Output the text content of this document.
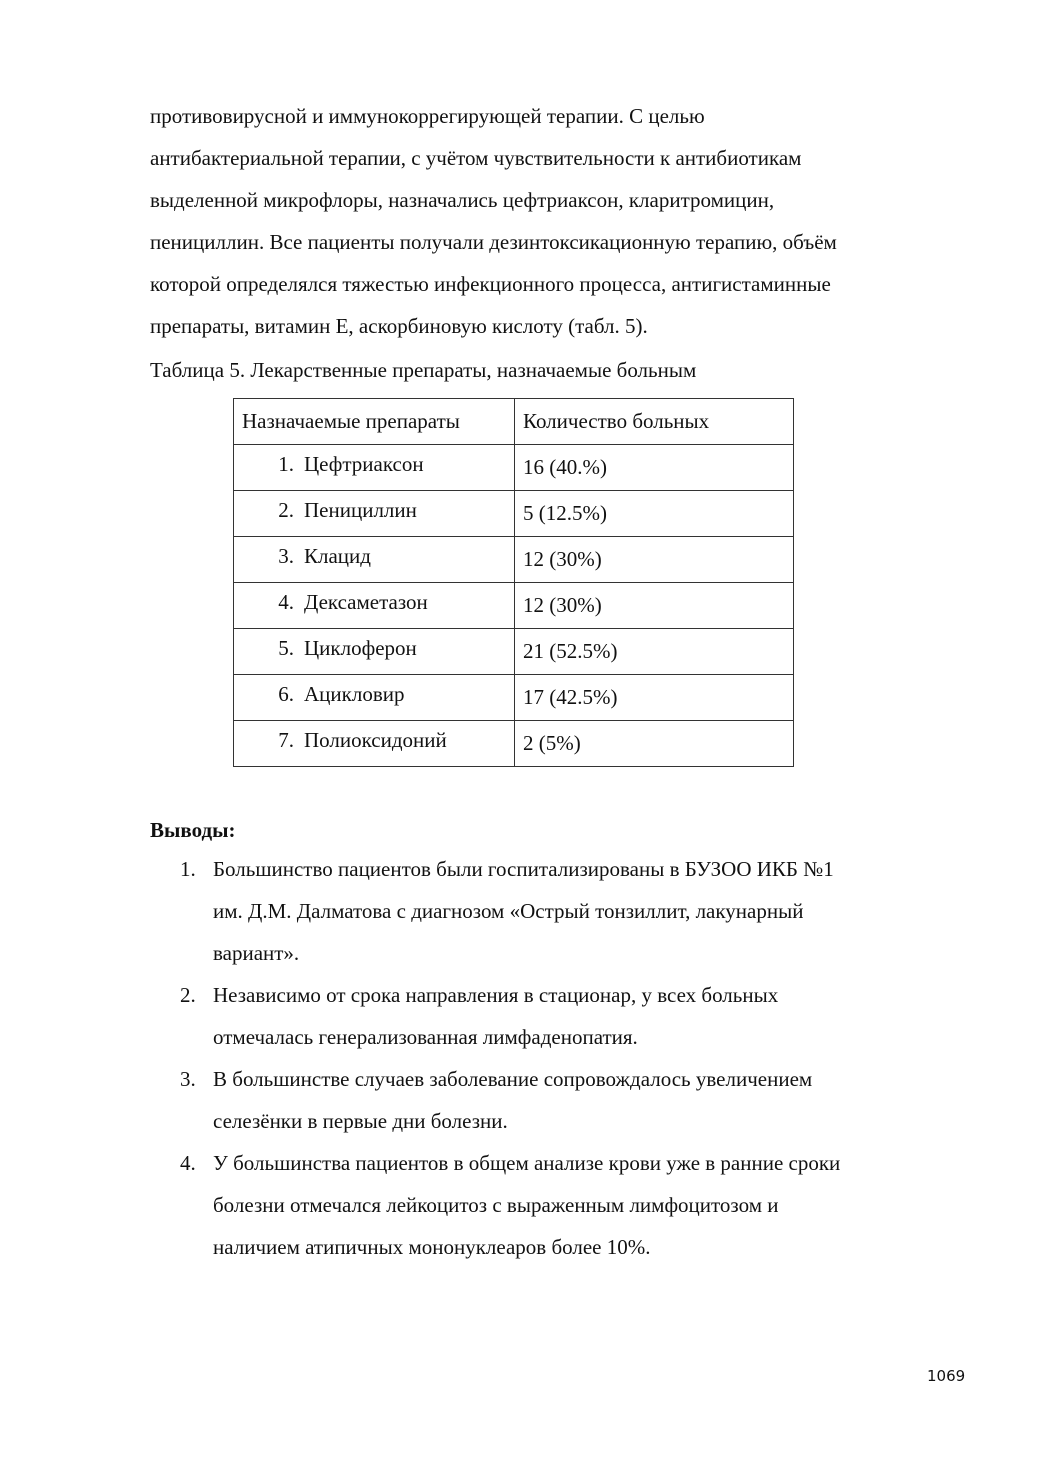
противовирусной и иммунокоррегирующей терапии. С целью
антибактериальной терапии, с учётом чувствительности к антибиотикам
выделенной микрофлоры, назначались цефтриаксон, кларитромицин,
пенициллин. Все пациенты получали дезинтоксикационную терапию, объём
которой определялся тяжестью инфекционного процесса, антигистаминные
препараты, витамин Е, аскорбиновую кислоту (табл. 5).

Таблица 5. Лекарственные препараты, назначаемые больным

Назначаемые препараты	Количество больных
1. Цефтриаксон	16 (40.%)
2. Пенициллин	5 (12.5%)
3. Клацид	12 (30%)
4. Дексаметазон	12 (30%)
5. Циклоферон	21 (52.5%)
6. Ацикловир	17 (42.5%)
7. Полиоксидоний	2 (5%)
Выводы:
1. Большинство пациентов были госпитализированы в БУЗОО ИКБ №1
им. Д.М. Далматова с диагнозом «Острый тонзиллит, лакунарный
вариант».
2. Независимо от срока направления в стационар, у всех больных
отмечалась генерализованная лимфаденопатия.
3. В большинстве случаев заболевание сопровождалось увеличением
селезёнки в первые дни болезни.
4. У большинства пациентов в общем анализе крови уже в ранние сроки
болезни отмечался лейкоцитоз с выраженным лимфоцитозом и
наличием атипичных мононуклеаров более 10%.
1069
